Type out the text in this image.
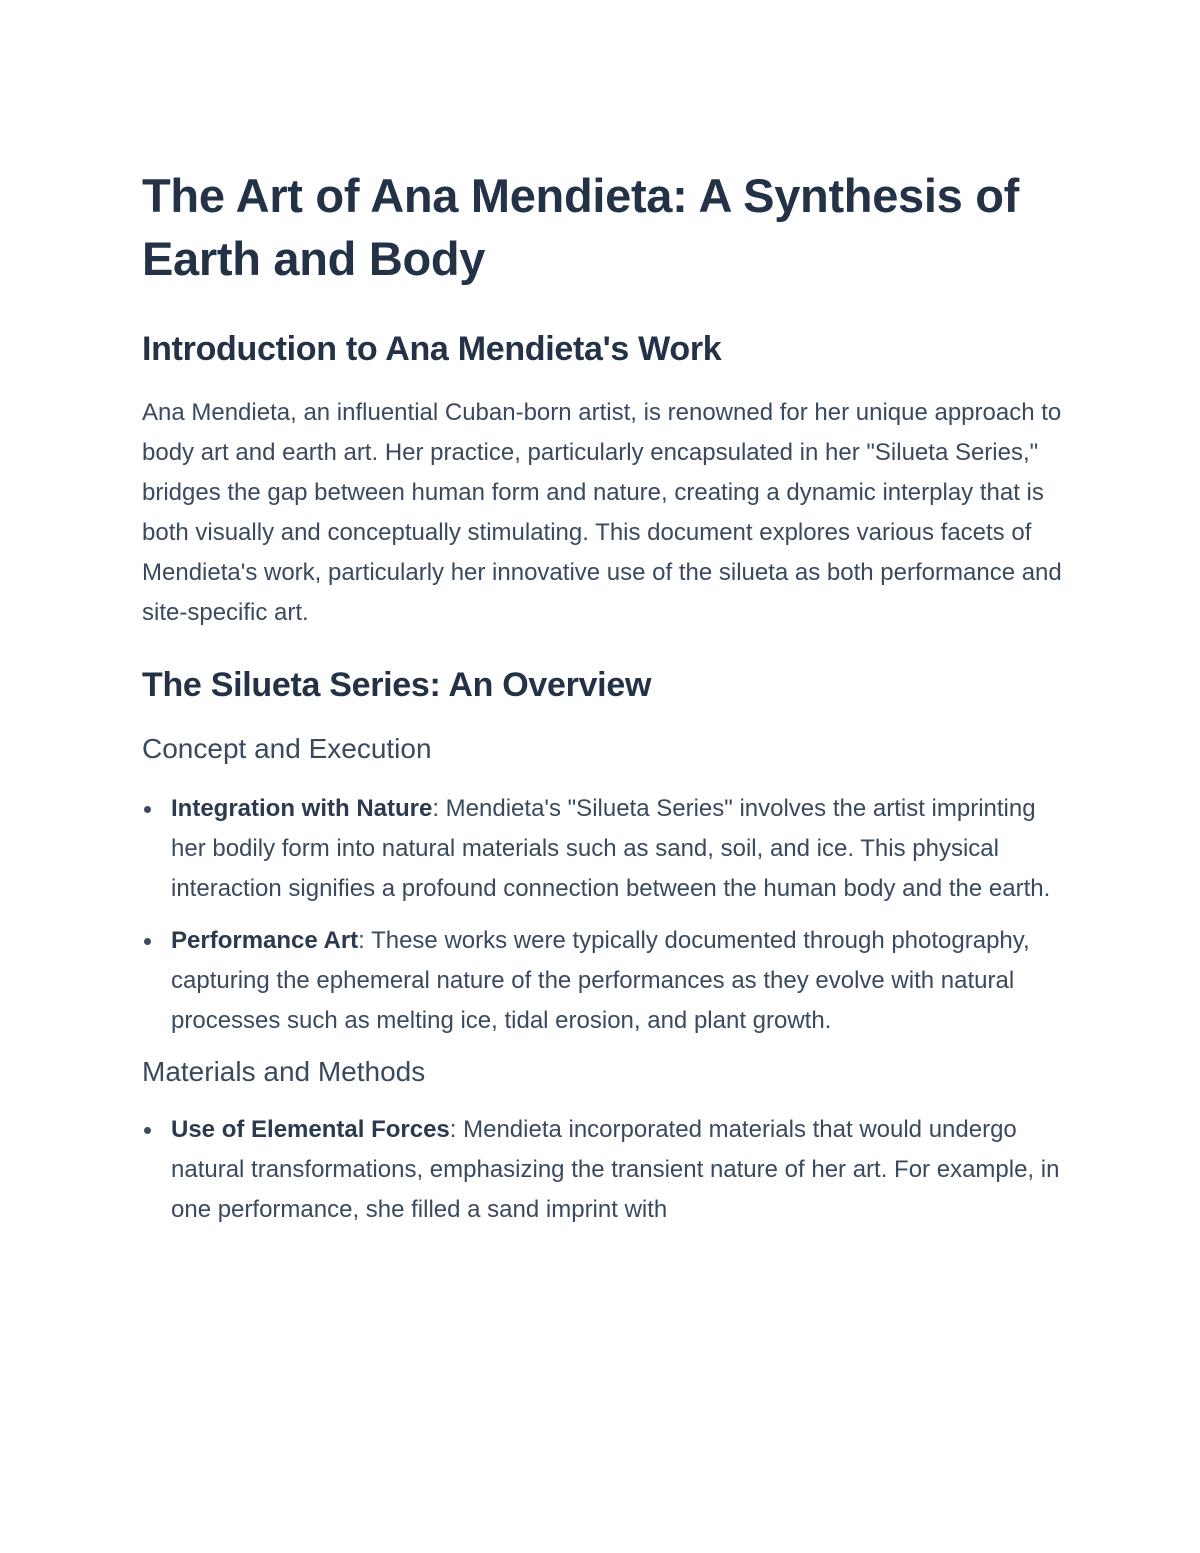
The Art of Ana Mendieta: A Synthesis of Earth and Body
Introduction to Ana Mendieta's Work

Ana Mendieta, an influential Cuban-born artist, is renowned for her unique approach to body art and earth art. Her practice, particularly encapsulated in her "Silueta Series," bridges the gap between human form and nature, creating a dynamic interplay that is both visually and conceptually stimulating. This document explores various facets of Mendieta's work, particularly her innovative use of the silueta as both performance and site-specific art.

The Silueta Series: An Overview
Concept and Execution
Integration with Nature: Mendieta's "Silueta Series" involves the artist imprinting her bodily form into natural materials such as sand, soil, and ice. This physical interaction signifies a profound connection between the human body and the earth.
Performance Art: These works were typically documented through photography, capturing the ephemeral nature of the performances as they evolve with natural processes such as melting ice, tidal erosion, and plant growth.
Materials and Methods
Use of Elemental Forces: Mendieta incorporated materials that would undergo natural transformations, emphasizing the transient nature of her art. For example, in one performance, she filled a sand imprint with
